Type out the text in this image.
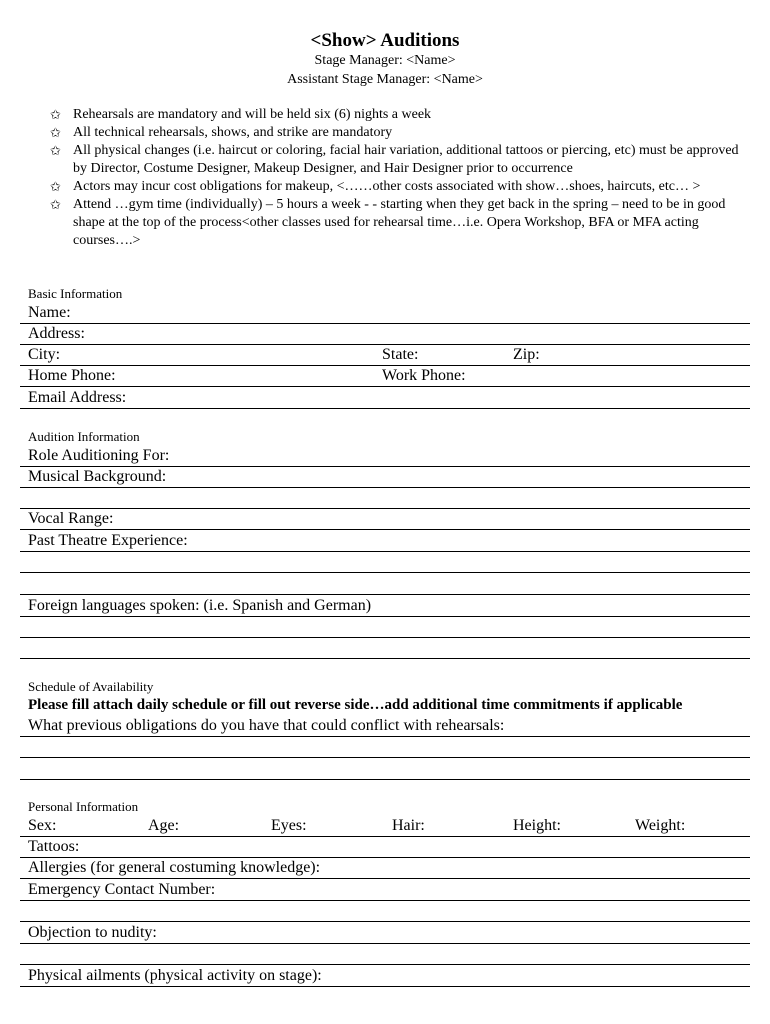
<Show> Auditions
Stage Manager: <Name>
Assistant Stage Manager: <Name>
✩ Rehearsals are mandatory and will be held six (6) nights a week
✩ All technical rehearsals, shows, and strike are mandatory
✩ All physical changes (i.e. haircut or coloring, facial hair variation, additional tattoos or piercing, etc) must be approved by Director, Costume Designer, Makeup Designer, and Hair Designer prior to occurrence
✩ Actors may incur cost obligations for makeup, <……other costs associated with show…shoes, haircuts, etc… >
✩ Attend …gym time (individually) – 5 hours a week - - starting when they get back in the spring – need to be in good shape at the top of the process<other classes used for rehearsal time…i.e. Opera Workshop, BFA or MFA acting courses….>
Basic Information
Name:
Address:
City:	State:	Zip:
Home Phone:	Work Phone:
Email Address:
Audition Information
Role Auditioning For:
Musical Background:
Vocal Range:
Past Theatre Experience:
Foreign languages spoken: (i.e. Spanish and German)
Schedule of Availability
Please fill attach daily schedule or fill out reverse side…add additional time commitments if applicable
What previous obligations do you have that could conflict with rehearsals:
Personal Information
Sex:	Age:	Eyes:	Hair:	Height:	Weight:
Tattoos:
Allergies (for general costuming knowledge):
Emergency Contact Number:
Objection to nudity:
Physical ailments (physical activity on stage):
